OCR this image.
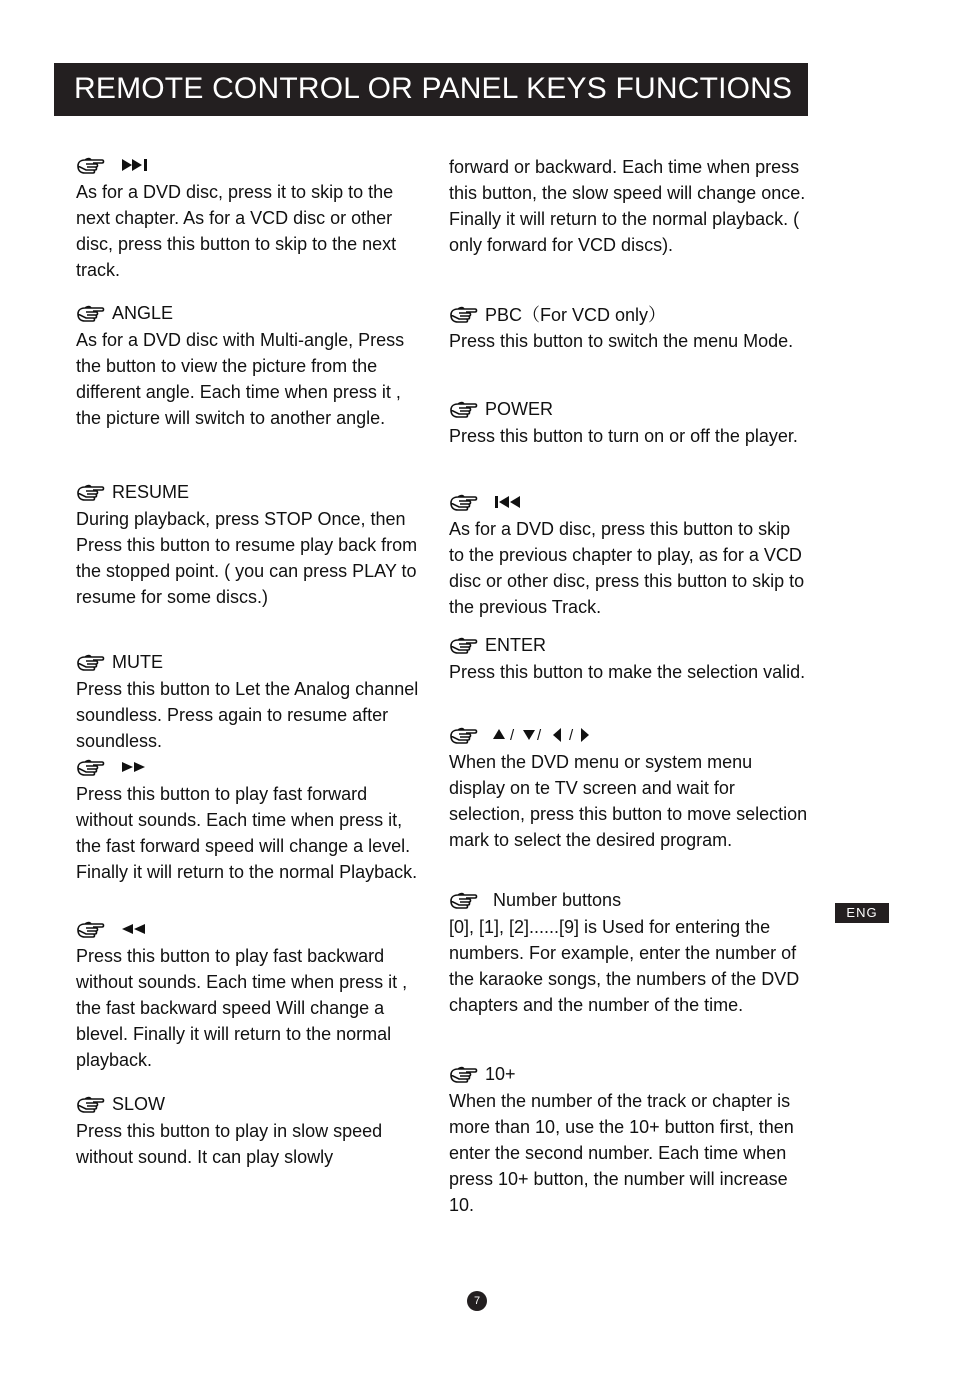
REMOTE CONTROL OR PANEL KEYS FUNCTIONS
As for a DVD disc, press it to skip to the next chapter. As for a VCD disc or other disc, press this button to skip to the next track.
ANGLE
As for a DVD disc with Multi-angle, Press the button to view the picture from the different angle. Each time when press it , the picture will switch to another angle.
RESUME
During playback, press STOP Once, then Press this button to resume play back from the stopped point. ( you can press PLAY to resume for some discs.)
MUTE
Press this button to Let the Analog channel soundless. Press again to resume after soundless.
Press this button to play fast forward without sounds. Each time when press it, the fast forward speed will change a level. Finally it will return to the normal Playback.
Press this button to play fast backward without sounds. Each time when press it , the fast backward speed Will change a blevel. Finally it will return to the normal playback.
SLOW
Press this button to play in slow speed without sound. It can play slowly
forward or backward. Each time when press this button, the slow speed will change once. Finally it will return to the normal playback. ( only forward for VCD discs).
PBC（For VCD only）
Press this button to switch the menu Mode.
POWER
Press this button to turn on or off the player.
As for a DVD disc, press this button to skip to the previous chapter to play, as for a VCD disc or other disc, press this button to skip to the previous Track.
ENTER
Press this button to make the selection valid.
/ / /
When the DVD menu or system menu display on te TV screen and wait for selection, press this button to move selection mark to select the desired program.
Number buttons
[0], [1], [2]......[9] is Used for entering the numbers. For example, enter the number of the karaoke songs, the numbers of the DVD chapters and the number of the time.
10+
When the number of the track or chapter is more than 10, use the 10+ button first, then enter the second number. Each time when press 10+ button, the number will increase 10.
ENG
7
